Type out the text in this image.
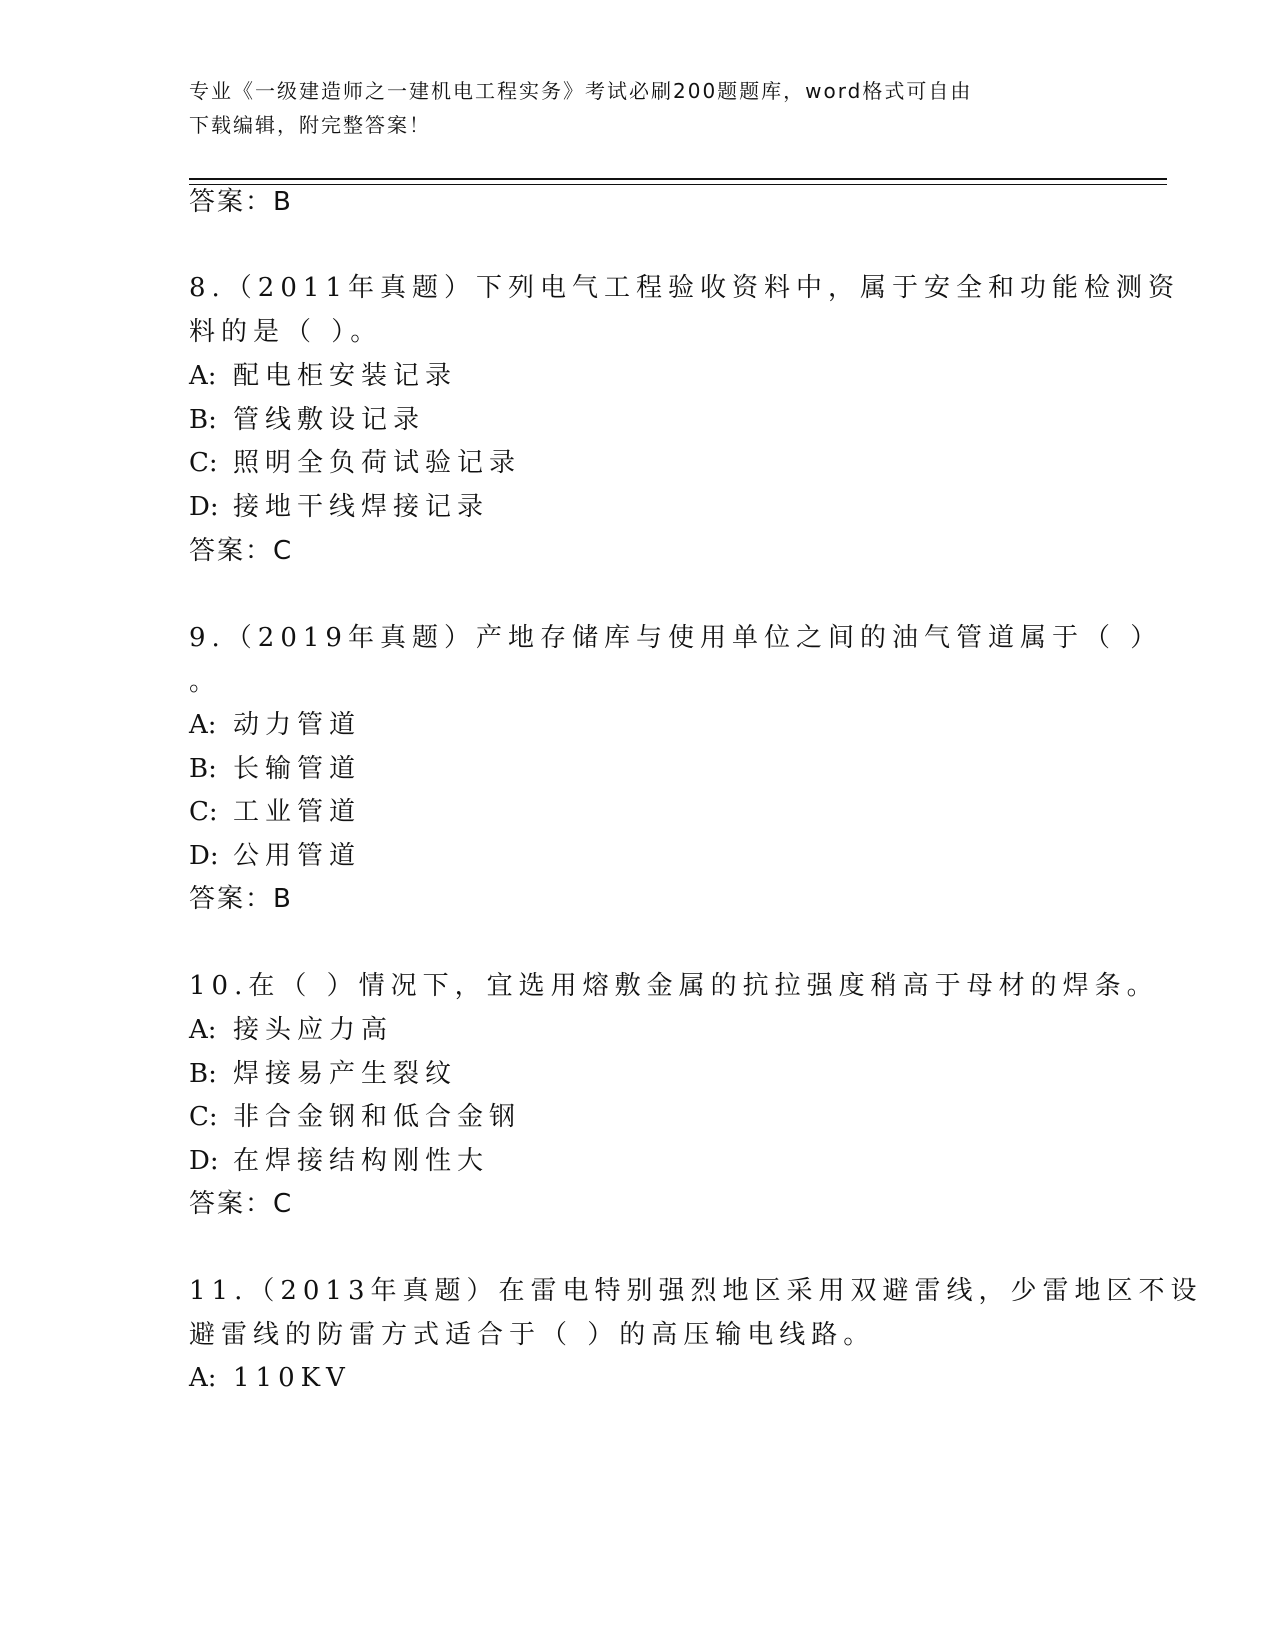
专业《一级建造师之一建机电工程实务》考试必刷200题题库，word格式可自由
下载编辑，附完整答案！
答案：B
8.（2011年真题）下列电气工程验收资料中，属于安全和功能检测资
料的是（ ）。
A: 配电柜安装记录
B: 管线敷设记录
C: 照明全负荷试验记录
D: 接地干线焊接记录
答案：C
9.（2019年真题）产地存储库与使用单位之间的油气管道属于（ ）
。
A: 动力管道
B: 长输管道
C: 工业管道
D: 公用管道
答案：B
10.在（ ）情况下，宜选用熔敷金属的抗拉强度稍高于母材的焊条。
A: 接头应力高
B: 焊接易产生裂纹
C: 非合金钢和低合金钢
D: 在焊接结构刚性大
答案：C
11.（2013年真题）在雷电特别强烈地区采用双避雷线，少雷地区不设
避雷线的防雷方式适合于（ ）的高压输电线路。
A: 110KV
